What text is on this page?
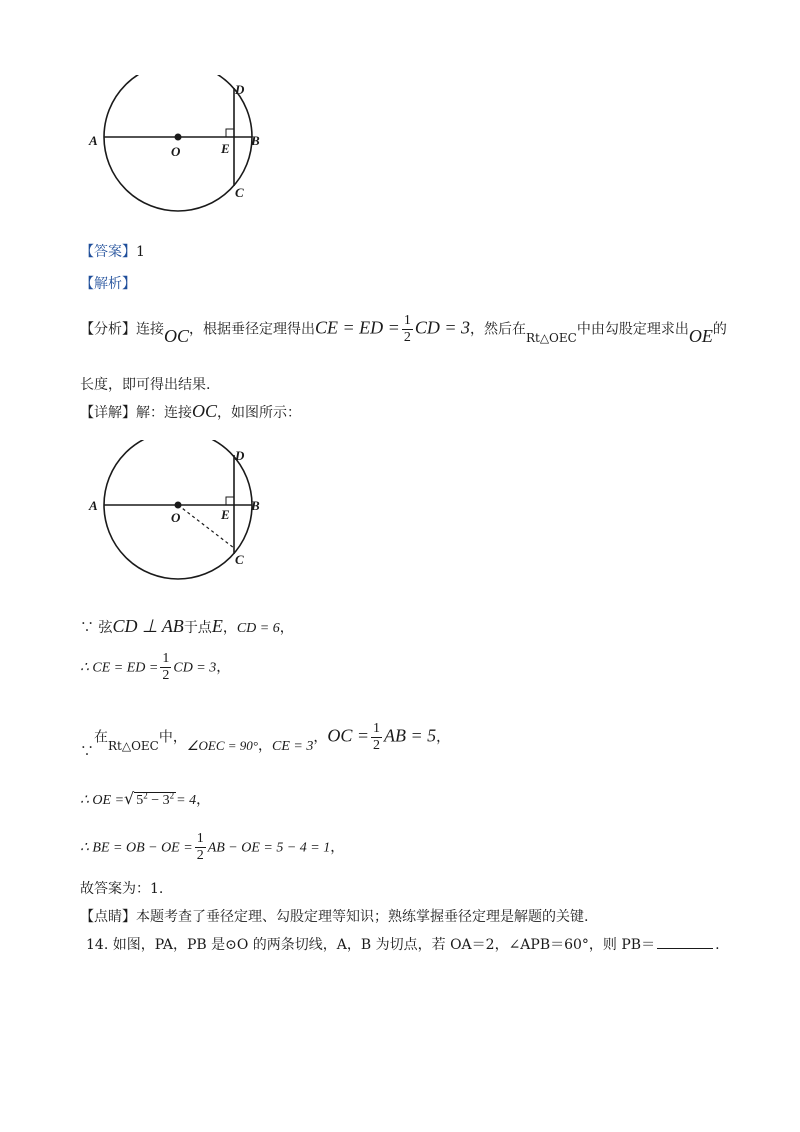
A
O	E
B
D
C
【答案】1
【解析】
【分析】连接OC，根据垂径定理得出CE = ED = $\frac{1}{2}$ CD = 3，然后在Rt△OEC中由勾股定理求出OE的
长度，即可得出结果.
【详解】解：连接OC，如图所示：
A
O	E
B
D
C
∵ 弦CD ⊥ AB于点E，CD = 6，
∴ CE = ED = $\frac{1}{2}$ CD = 3，
∵在Rt△OEC中，∠OEC = 90°，CE = 3，OC = $\frac{1}{2}$ AB = 5，
∴ OE =√ $5^2 - 3^2 = 4$，
∴ BE = OB − OE = $\frac{1}{2}$ AB − OE = 5 − 4 = 1，
故答案为：1.
【点睛】本题考查了垂径定理、勾股定理等知识；熟练掌握垂径定理是解题的关键.
14. 如图，PA，PB 是⊙O 的两条切线，A，B 为切点，若 OA＝2，∠APB＝60°，则 PB＝	.
